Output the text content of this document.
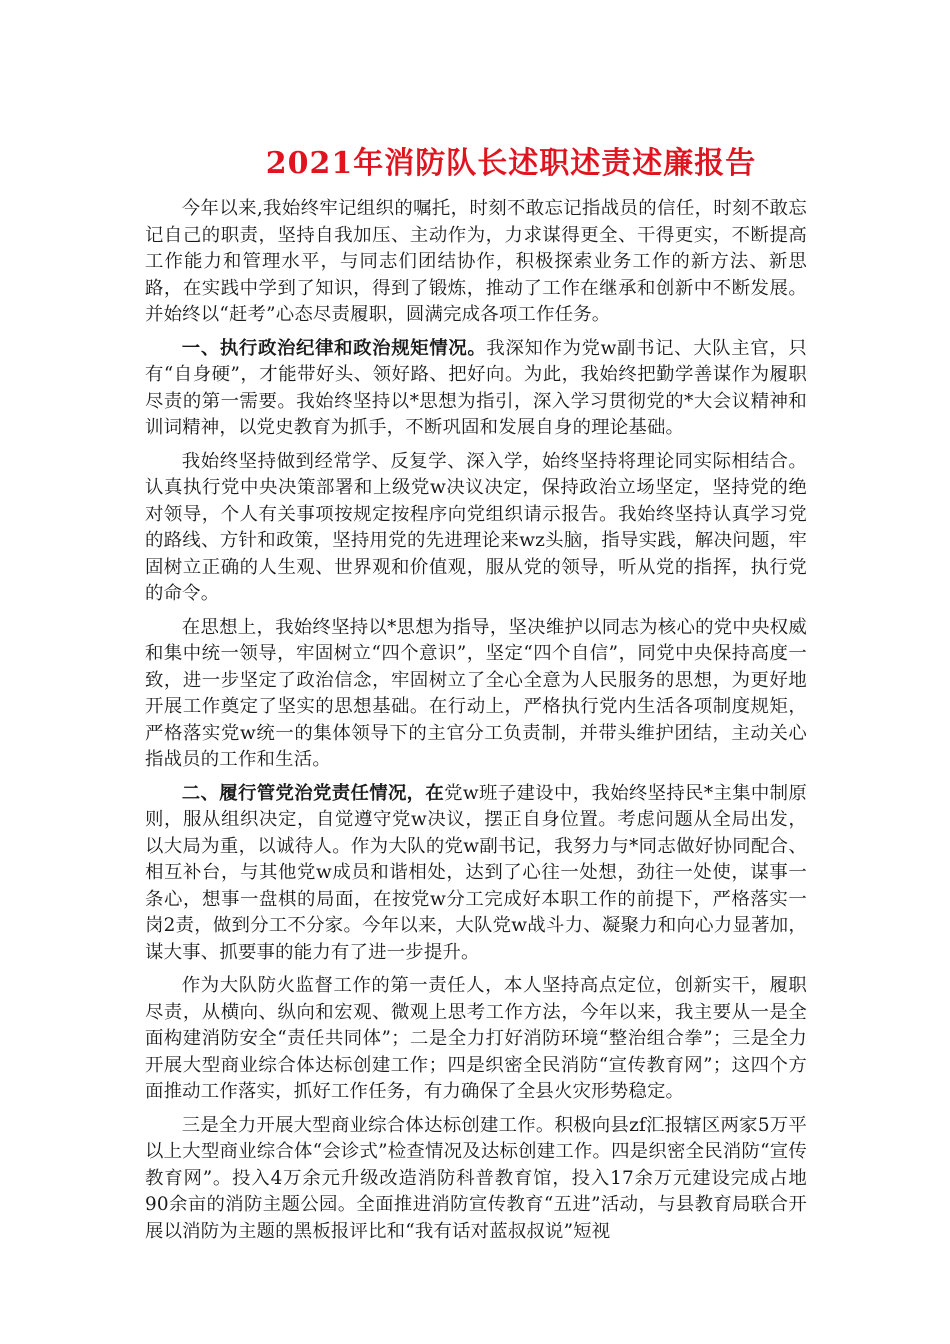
2021年消防队长述职述责述廉报告

今年以来,我始终牢记组织的嘱托，时刻不敢忘记指战员的信任，时刻不敢忘记自己的职责，坚持自我加压、主动作为，力求谋得更全、干得更实，不断提高工作能力和管理水平，与同志们团结协作，积极探索业务工作的新方法、新思路，在实践中学到了知识，得到了锻炼，推动了工作在继承和创新中不断发展。并始终以“赶考”心态尽责履职，圆满完成各项工作任务。

一、执行政治纪律和政治规矩情况。我深知作为党w副书记、大队主官，只有“自身硬”，才能带好头、领好路、把好向。为此，我始终把勤学善谋作为履职尽责的第一需要。我始终坚持以*思想为指引，深入学习贯彻党的*大会议精神和训词精神，以党史教育为抓手，不断巩固和发展自身的理论基础。

我始终坚持做到经常学、反复学、深入学，始终坚持将理论同实际相结合。认真执行党中央决策部署和上级党w决议决定，保持政治立场坚定，坚持党的绝对领导，个人有关事项按规定按程序向党组织请示报告。我始终坚持认真学习党的路线、方针和政策，坚持用党的先进理论来wz头脑，指导实践，解决问题，牢固树立正确的人生观、世界观和价值观，服从党的领导，听从党的指挥，执行党的命令。

在思想上，我始终坚持以*思想为指导，坚决维护以同志为核心的党中央权威和集中统一领导，牢固树立“四个意识”，坚定“四个自信”，同党中央保持高度一致，进一步坚定了政治信念，牢固树立了全心全意为人民服务的思想，为更好地开展工作奠定了坚实的思想基础。在行动上，严格执行党内生活各项制度规矩，严格落实党w统一的集体领导下的主官分工负责制，并带头维护团结，主动关心指战员的工作和生活。

二、履行管党治党责任情况，在党w班子建设中，我始终坚持民*主集中制原则，服从组织决定，自觉遵守党w决议，摆正自身位置。考虑问题从全局出发，以大局为重，以诚待人。作为大队的党w副书记，我努力与*同志做好协同配合、相互补台，与其他党w成员和谐相处，达到了心往一处想，劲往一处使，谋事一条心，想事一盘棋的局面，在按党w分工完成好本职工作的前提下，严格落实一岗2责，做到分工不分家。今年以来，大队党w战斗力、凝聚力和向心力显著加，谋大事、抓要事的能力有了进一步提升。

作为大队防火监督工作的第一责任人，本人坚持高点定位，创新实干，履职尽责，从横向、纵向和宏观、微观上思考工作方法，今年以来，我主要从一是全面构建消防安全“责任共同体”；二是全力打好消防环境“整治组合拳”；三是全力开展大型商业综合体达标创建工作；四是织密全民消防“宣传教育网”；这四个方面推动工作落实，抓好工作任务，有力确保了全县火灾形势稳定。

三是全力开展大型商业综合体达标创建工作。积极向县zf汇报辖区两家5万平以上大型商业综合体“会诊式”检查情况及达标创建工作。四是织密全民消防“宣传教育网”。投入4万余元升级改造消防科普教育馆，投入17余万元建设完成占地90余亩的消防主题公园。全面推进消防宣传教育“五进”活动，与县教育局联合开展以消防为主题的黑板报评比和“我有话对蓝叔叔说”短视
